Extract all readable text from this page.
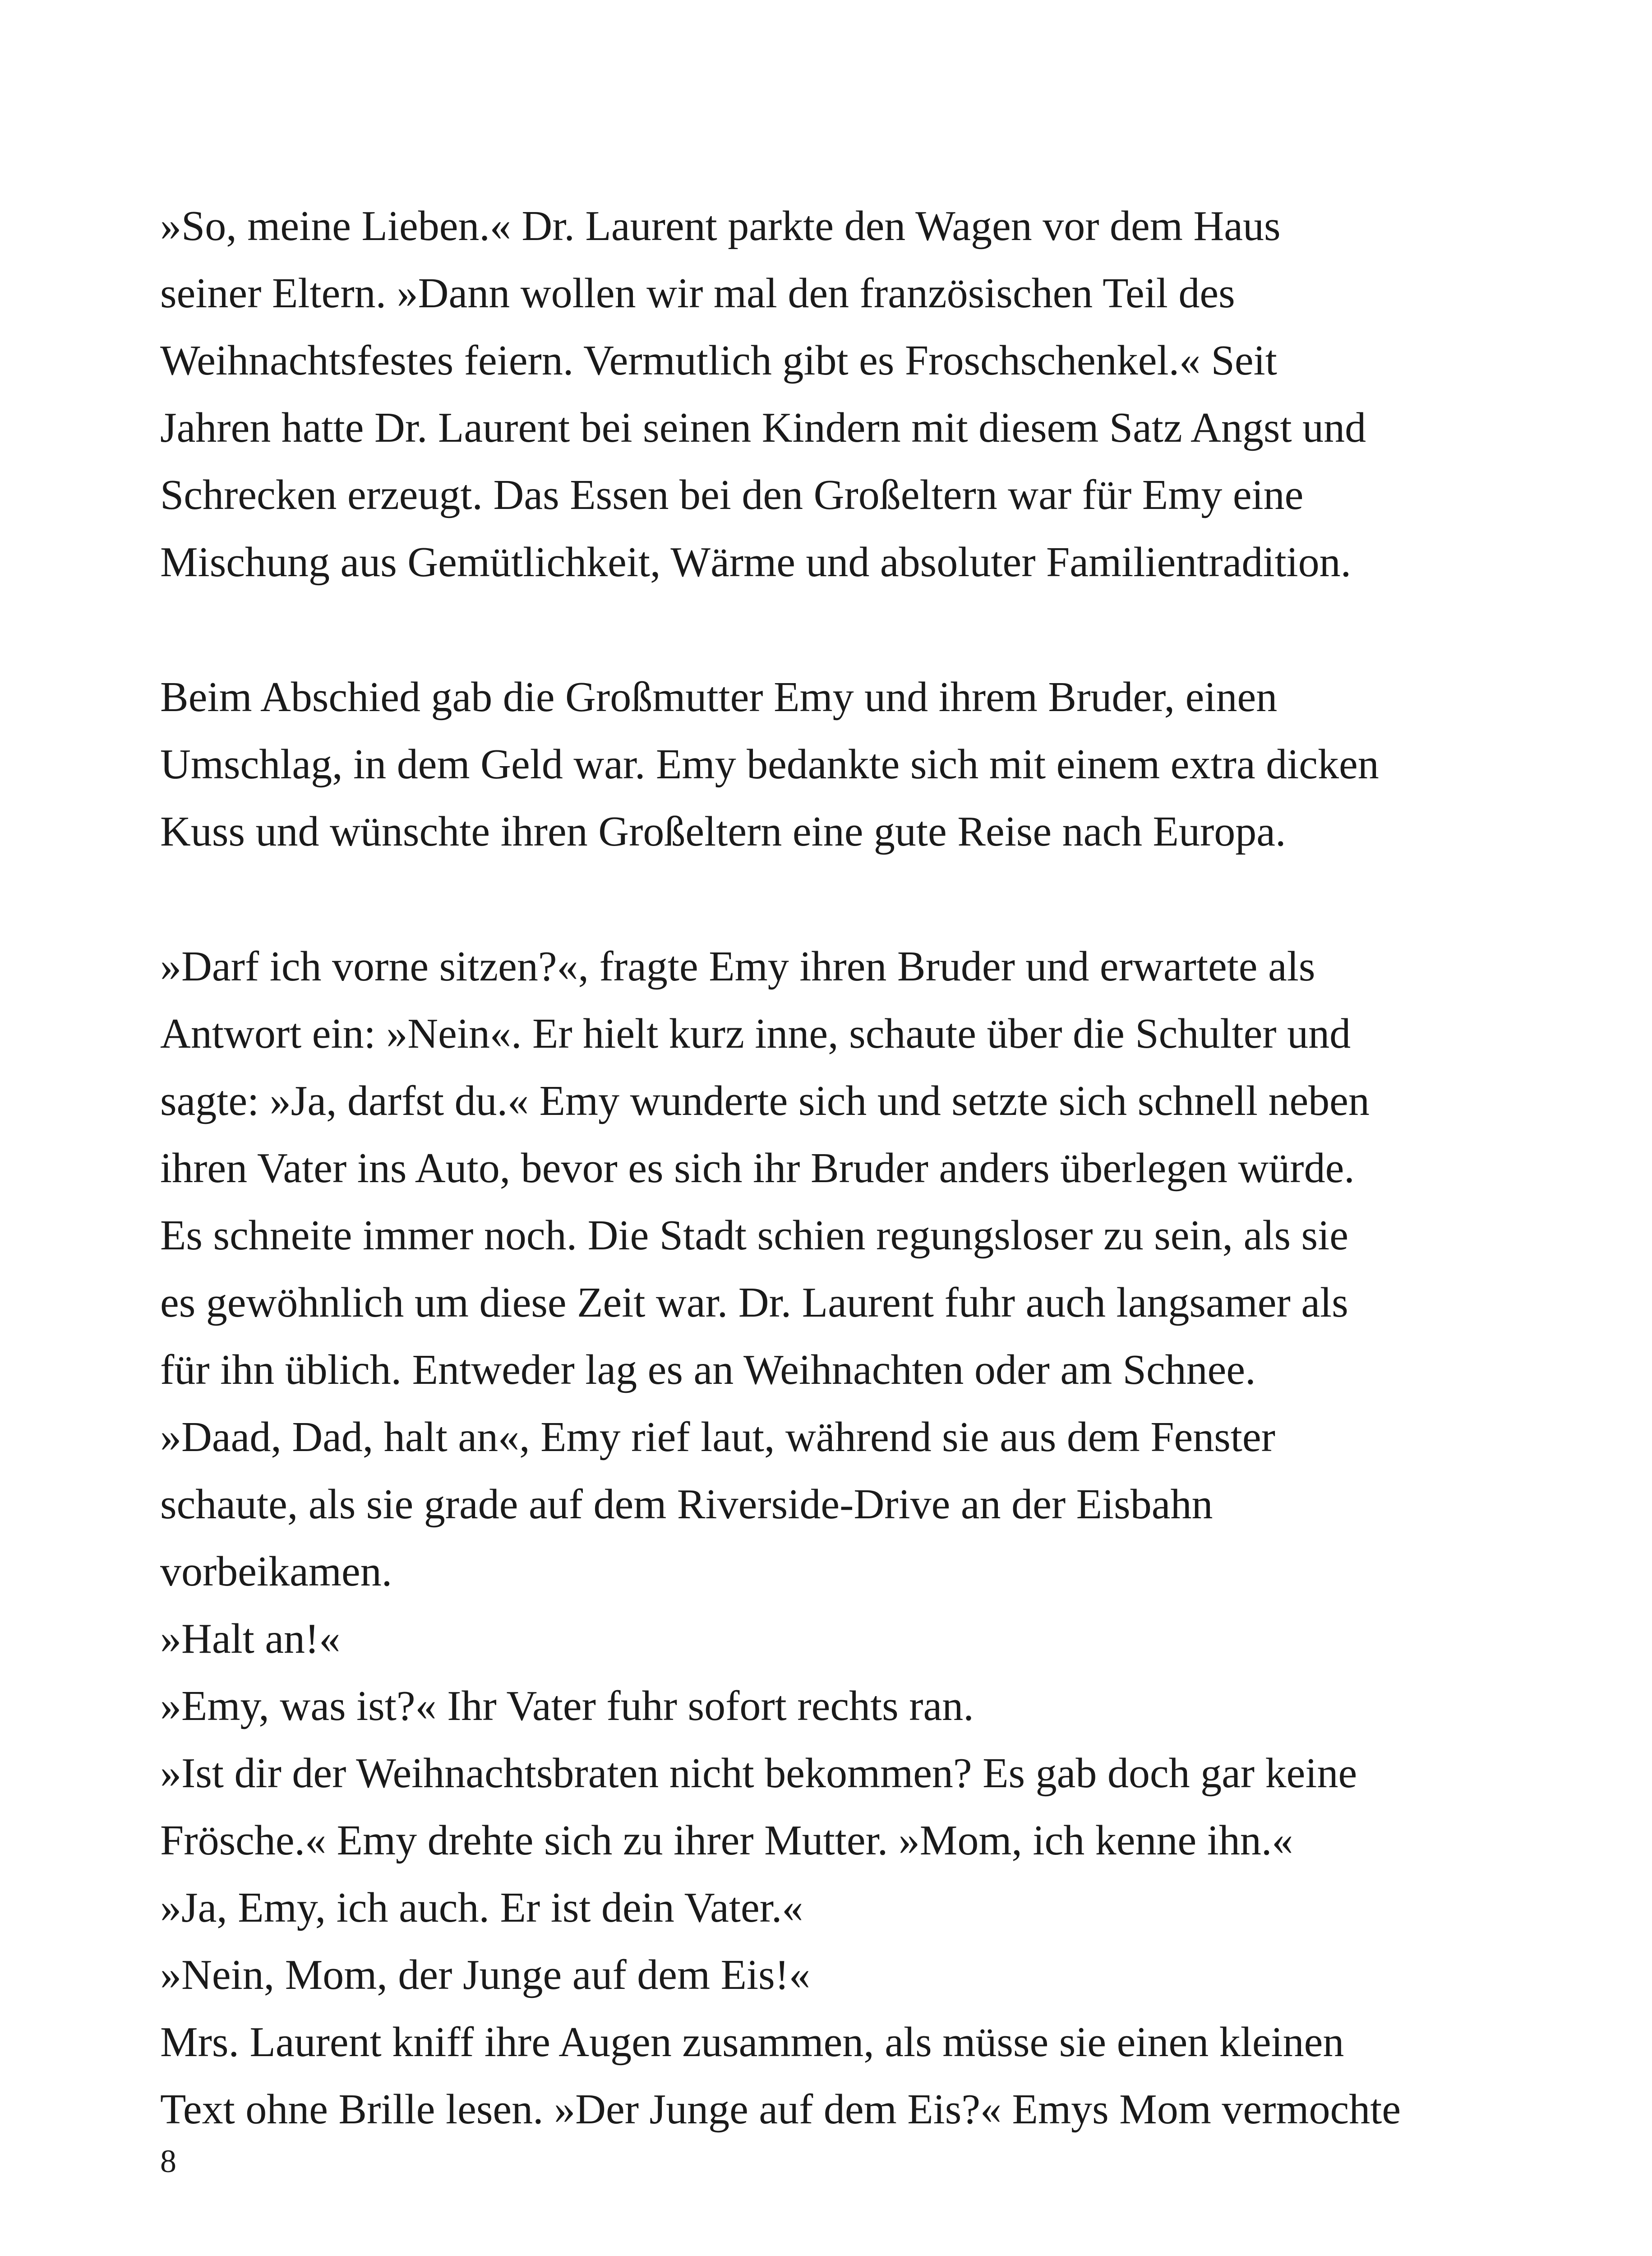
»So, meine Lieben.« Dr. Laurent parkte den Wagen vor dem Haus
seiner Eltern. »Dann wollen wir mal den französischen Teil des
Weihnachtsfestes feiern. Vermutlich gibt es Froschschenkel.« Seit
Jahren hatte Dr. Laurent bei seinen Kindern mit diesem Satz Angst und
Schrecken erzeugt. Das Essen bei den Großeltern war für Emy eine
Mischung aus Gemütlichkeit, Wärme und absoluter Familientradition.
Beim Abschied gab die Großmutter Emy und ihrem Bruder, einen
Umschlag, in dem Geld war. Emy bedankte sich mit einem extra dicken
Kuss und wünschte ihren Großeltern eine gute Reise nach Europa.
»Darf ich vorne sitzen?«, fragte Emy ihren Bruder und erwartete als
Antwort ein: »Nein«. Er hielt kurz inne, schaute über die Schulter und
sagte: »Ja, darfst du.« Emy wunderte sich und setzte sich schnell neben
ihren Vater ins Auto, bevor es sich ihr Bruder anders überlegen würde.
Es schneite immer noch. Die Stadt schien regungsloser zu sein, als sie
es gewöhnlich um diese Zeit war. Dr. Laurent fuhr auch langsamer als
für ihn üblich. Entweder lag es an Weihnachten oder am Schnee.
»Daad, Dad, halt an«, Emy rief laut, während sie aus dem Fenster
schaute, als sie grade auf dem Riverside-Drive an der Eisbahn
vorbeikamen.
»Halt an!«
»Emy, was ist?« Ihr Vater fuhr sofort rechts ran.
»Ist dir der Weihnachtsbraten nicht bekommen? Es gab doch gar keine
Frösche.« Emy drehte sich zu ihrer Mutter. »Mom, ich kenne ihn.«
»Ja, Emy, ich auch. Er ist dein Vater.«
»Nein, Mom, der Junge auf dem Eis!«
Mrs. Laurent kniff ihre Augen zusammen, als müsse sie einen kleinen
Text ohne Brille lesen. »Der Junge auf dem Eis?« Emys Mom vermochte
8
